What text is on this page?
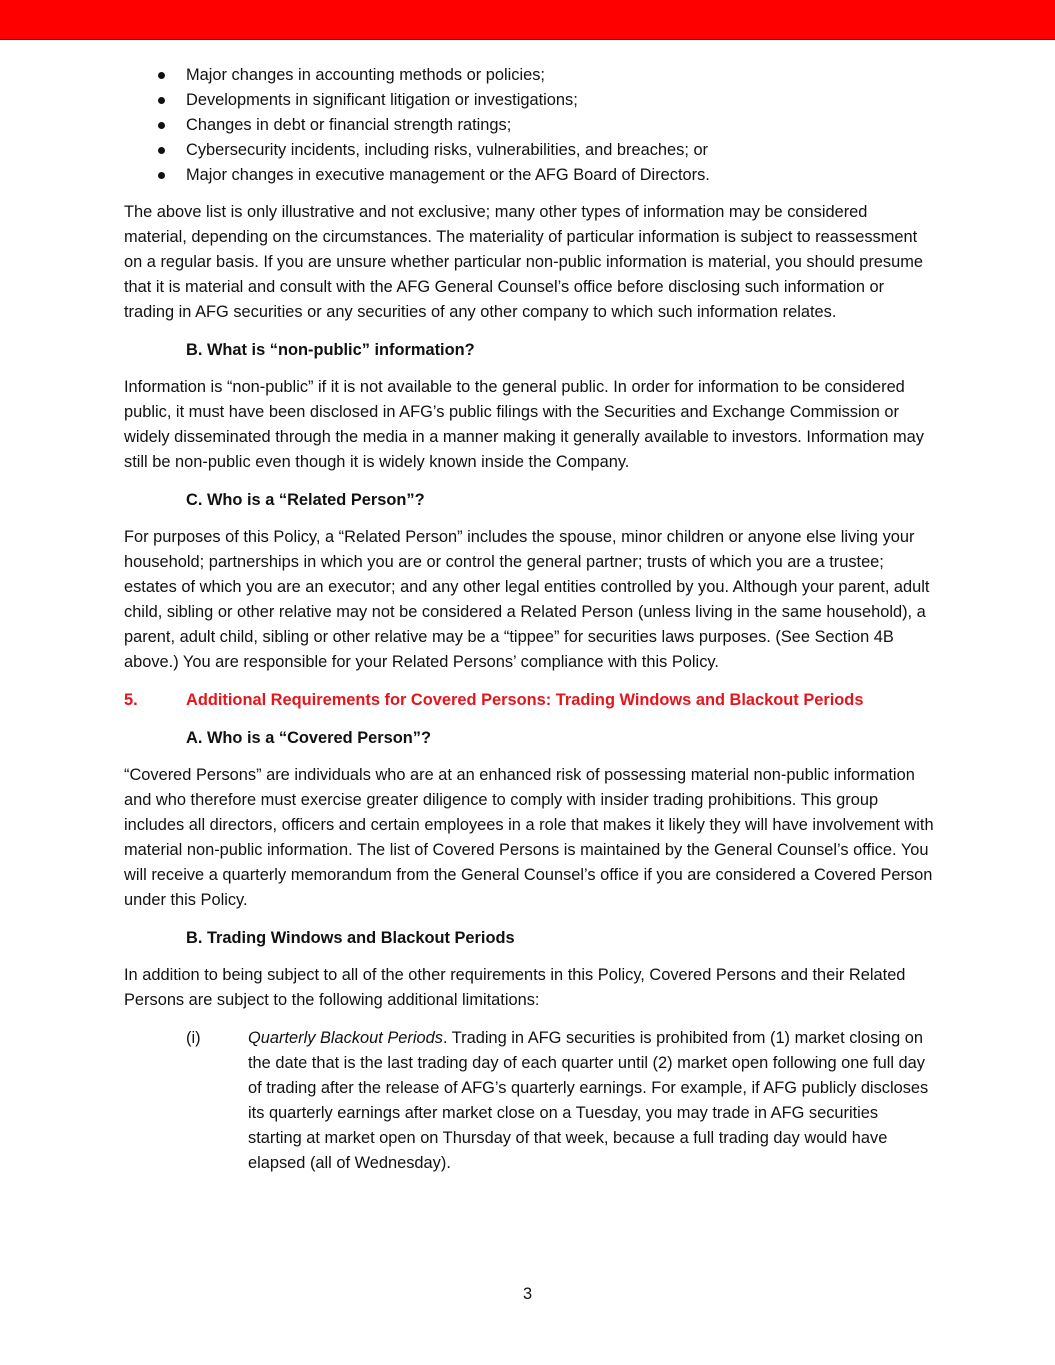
Major changes in accounting methods or policies;
Developments in significant litigation or investigations;
Changes in debt or financial strength ratings;
Cybersecurity incidents, including risks, vulnerabilities, and breaches; or
Major changes in executive management or the AFG Board of Directors.

The above list is only illustrative and not exclusive; many other types of information may be considered material, depending on the circumstances. The materiality of particular information is subject to reassessment on a regular basis. If you are unsure whether particular non-public information is material, you should presume that it is material and consult with the AFG General Counsel’s office before disclosing such information or trading in AFG securities or any securities of any other company to which such information relates.

B. What is “non-public” information?

Information is “non-public” if it is not available to the general public. In order for information to be considered public, it must have been disclosed in AFG’s public filings with the Securities and Exchange Commission or widely disseminated through the media in a manner making it generally available to investors. Information may still be non-public even though it is widely known inside the Company.

C. Who is a “Related Person”?

For purposes of this Policy, a “Related Person” includes the spouse, minor children or anyone else living your household; partnerships in which you are or control the general partner; trusts of which you are a trustee; estates of which you are an executor; and any other legal entities controlled by you. Although your parent, adult child, sibling or other relative may not be considered a Related Person (unless living in the same household), a parent, adult child, sibling or other relative may be a “tippee” for securities laws purposes. (See Section 4B above.) You are responsible for your Related Persons’ compliance with this Policy.

5.	Additional Requirements for Covered Persons: Trading Windows and Blackout Periods
A. Who is a “Covered Person”?

“Covered Persons” are individuals who are at an enhanced risk of possessing material non-public information and who therefore must exercise greater diligence to comply with insider trading prohibitions. This group includes all directors, officers and certain employees in a role that makes it likely they will have involvement with material non-public information. The list of Covered Persons is maintained by the General Counsel’s office. You will receive a quarterly memorandum from the General Counsel’s office if you are considered a Covered Person under this Policy.

B. Trading Windows and Blackout Periods

In addition to being subject to all of the other requirements in this Policy, Covered Persons and their Related Persons are subject to the following additional limitations:

(i)	Quarterly Blackout Periods. Trading in AFG securities is prohibited from (1) market closing on the date that is the last trading day of each quarter until (2) market open following one full day of trading after the release of AFG’s quarterly earnings. For example, if AFG publicly discloses its quarterly earnings after market close on a Tuesday, you may trade in AFG securities starting at market open on Thursday of that week, because a full trading day would have elapsed (all of Wednesday).
3
